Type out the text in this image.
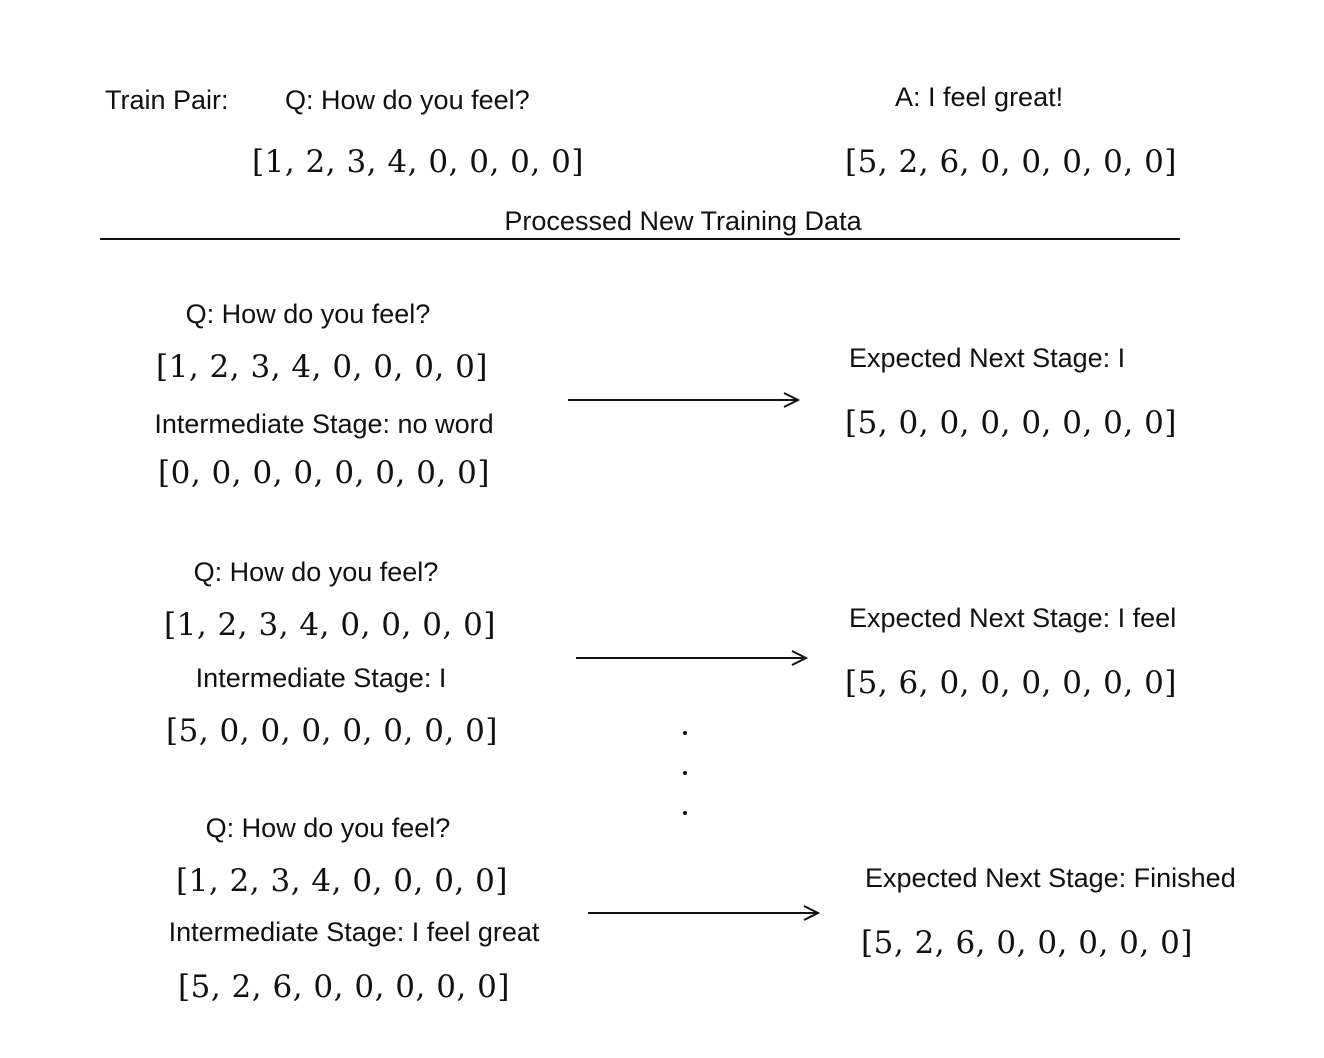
Train Pair: Q: How do you feel?	A: I feel great!
[1, 2, 3, 4, 0, 0, 0, 0]	[5, 2, 6, 0, 0, 0, 0, 0]
Processed New Training Data
Q: How do you feel?
[1, 2, 3, 4, 0, 0, 0, 0]
Intermediate Stage: no word
[0, 0, 0, 0, 0, 0, 0, 0]
Expected Next Stage: I
[5, 0, 0, 0, 0, 0, 0, 0]
Q: How do you feel?
[1, 2, 3, 4, 0, 0, 0, 0]
Intermediate Stage: I
[5, 0, 0, 0, 0, 0, 0, 0]
Expected Next Stage: I feel
[5, 6, 0, 0, 0, 0, 0, 0]
Q: How do you feel?
[1, 2, 3, 4, 0, 0, 0, 0]
Intermediate Stage: I feel great
[5, 2, 6, 0, 0, 0, 0, 0]
Expected Next Stage: Finished
[5, 2, 6, 0, 0, 0, 0, 0]
